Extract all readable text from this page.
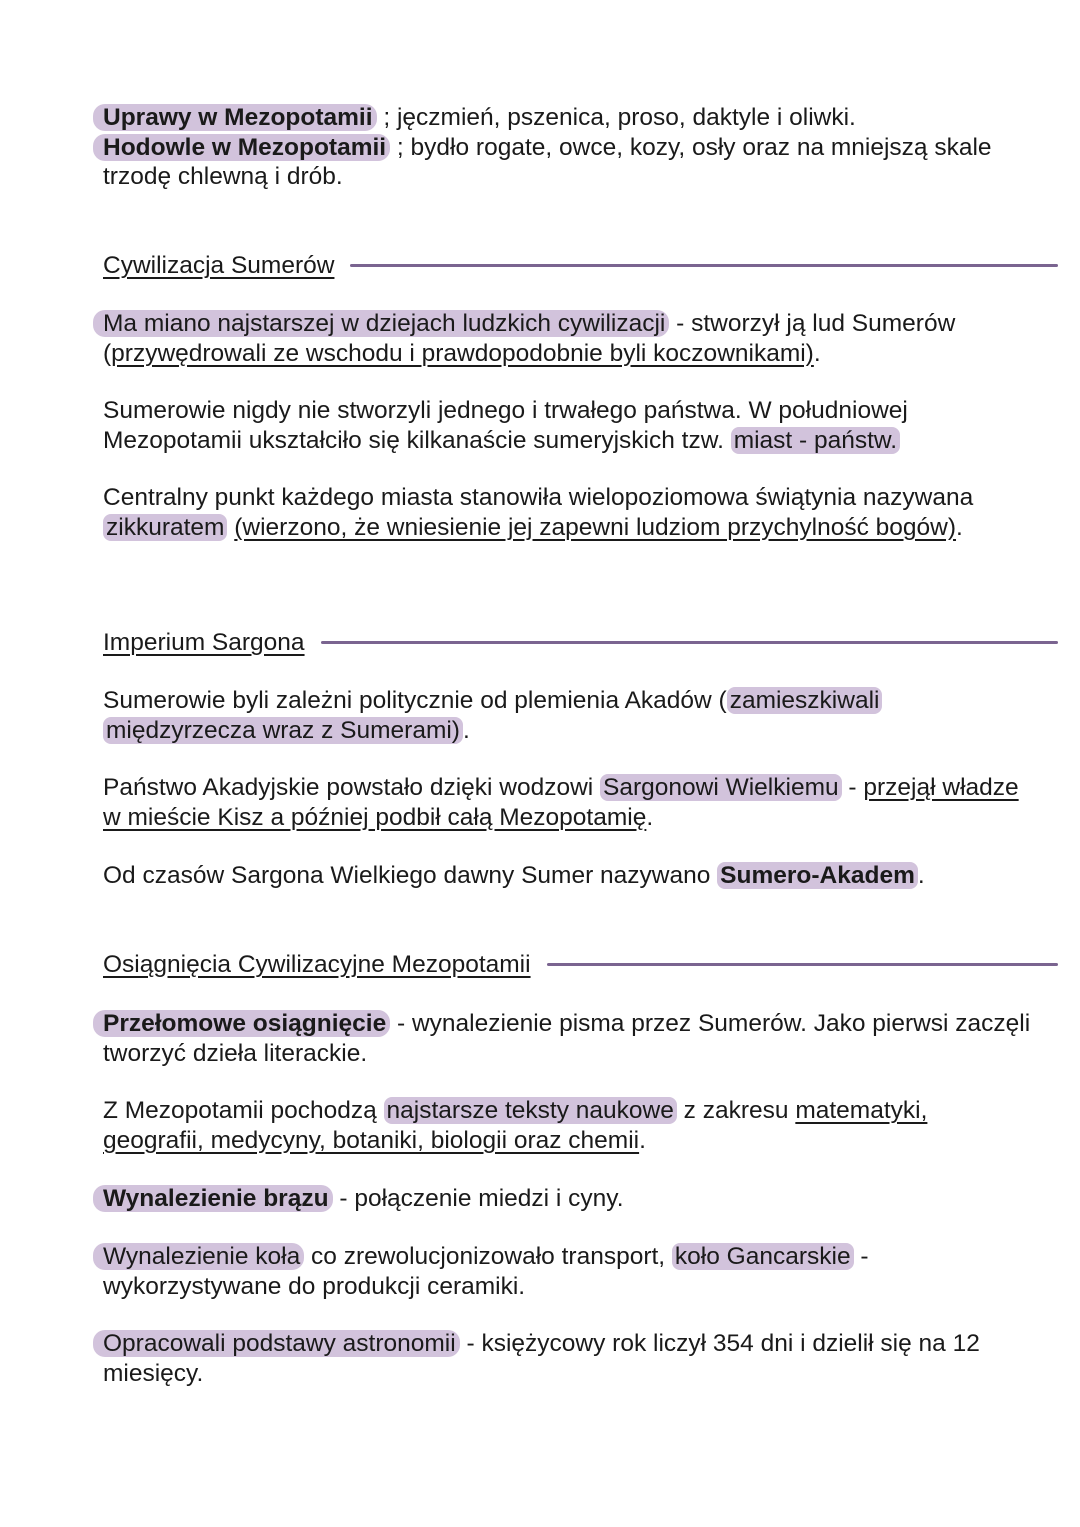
Uprawy w Mezopotamii ; jęczmień, pszenica, proso, daktyle i oliwki.
Hodowle w Mezopotamii ; bydło rogate, owce, kozy, osły oraz na mniejszą skale trzodę chlewną i drób.

Cywilizacja Sumerów

Ma miano najstarszej w dziejach ludzkich cywilizacji - stworzył ją lud Sumerów (przywędrowali ze wschodu i prawdopodobnie byli koczownikami).

Sumerowie nigdy nie stworzyli jednego i trwałego państwa. W południowej Mezopotamii ukształciło się kilkanaście sumeryjskich tzw. miast - państw.

Centralny punkt każdego miasta stanowiła wielopoziomowa świątynia nazywana zikkuratem (wierzono, że wniesienie jej zapewni ludziom przychylność bogów).

Imperium Sargona

Sumerowie byli zależni politycznie od plemienia Akadów ( zamieszkiwali międzyrzecza wraz z Sumerami) .

Państwo Akadyjskie powstało dzięki wodzowi Sargonowi Wielkiemu - przejął władze w mieście Kisz a później podbił całą Mezopotamię.

Od czasów Sargona Wielkiego dawny Sumer nazywano Sumero-Akadem .

Osiągnięcia Cywilizacyjne Mezopotamii

Przełomowe osiągnięcie - wynalezienie pisma przez Sumerów. Jako pierwsi zaczęli tworzyć dzieła literackie.

Z Mezopotamii pochodzą najstarsze teksty naukowe z zakresu matematyki, geografii, medycyny, botaniki, biologii oraz chemii.

Wynalezienie brązu - połączenie miedzi i cyny.

Wynalezienie koła co zrewolucjonizowało transport, koło Gancarskie - wykorzystywane do produkcji ceramiki.

Opracowali podstawy astronomii - księżycowy rok liczył 354 dni i dzielił się na 12 miesięcy.
